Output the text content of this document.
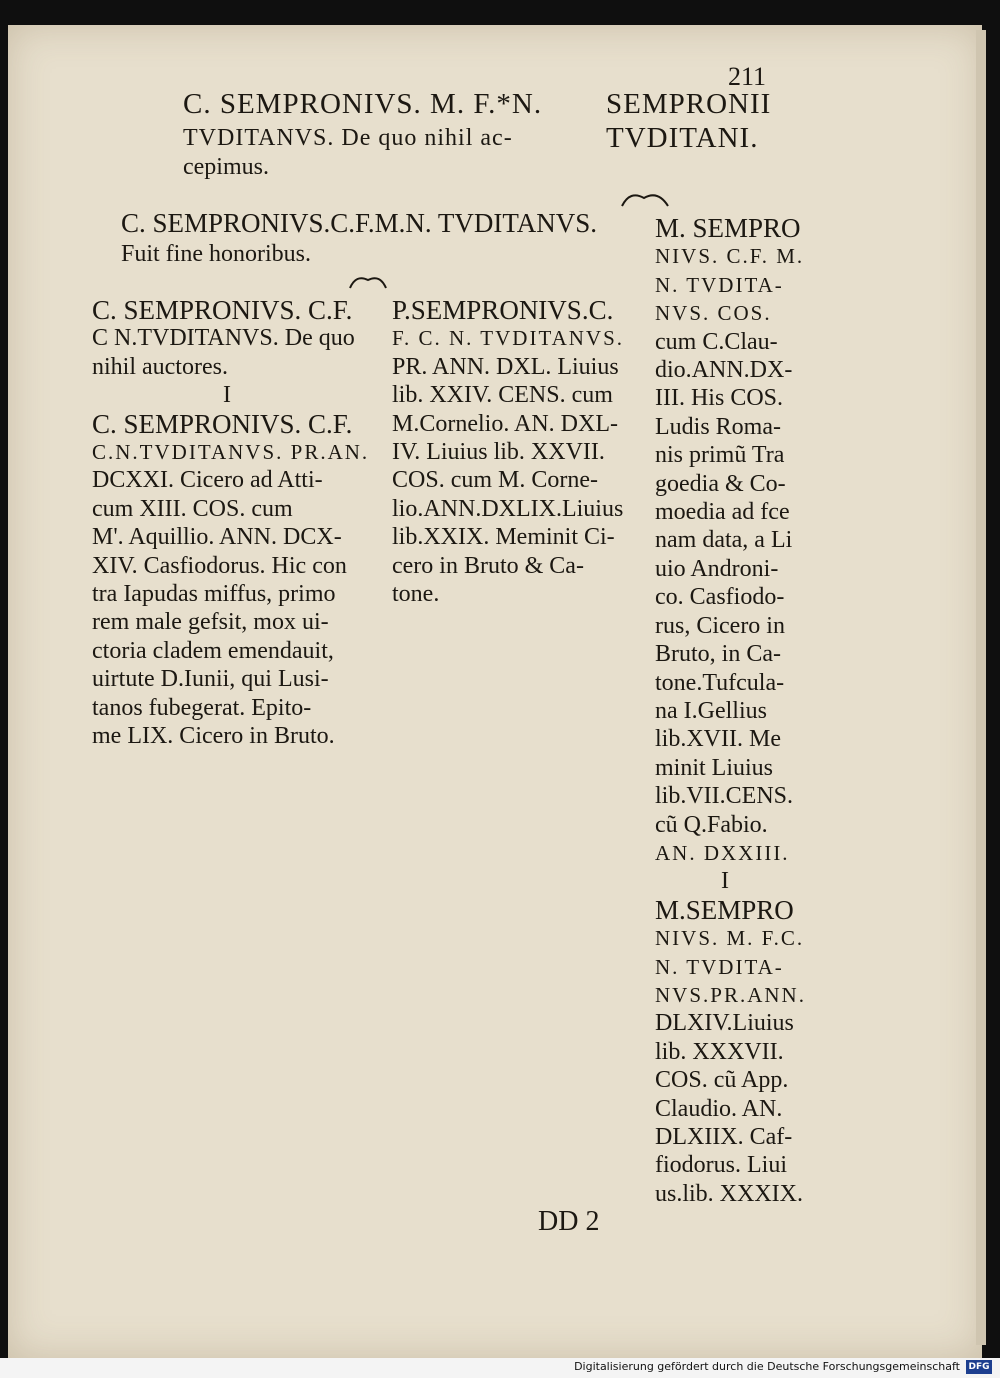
211
C. SEMPRONIVS. M. F.*N.
TVDITANVS. De quo nihil ac-
cepimus.
SEMPRONII
TVDITANI.
C. SEMPRONIVS.C.F.M.N. TVDITANVS.
Fuit fine honoribus.
C. SEMPRONIVS. C.F.
C N.TVDITANVS. De quo
nihil auctores.
I
C. SEMPRONIVS. C.F.
C.N.TVDITANVS. PR.AN.
DCXXI. Cicero ad Atti-
cum XIII. COS. cum
M'. Aquillio. ANN. DCX-
XIV. Casfiodorus. Hic con
tra Iapudas miffus, primo
rem male gefsit, mox ui-
ctoria cladem emendauit,
uirtute D.Iunii, qui Lusi-
tanos fubegerat. Epito-
me LIX. Cicero in Bruto.
P.SEMPRONIVS.C.
F. C. N. TVDITANVS.
PR. ANN. DXL. Liuius
lib. XXIV. CENS. cum
M.Cornelio. AN. DXL-
IV. Liuius lib. XXVII.
COS. cum M. Corne-
lio.ANN.DXLIX.Liuius
lib.XXIX. Meminit Ci-
cero in Bruto & Ca-
tone.
M. SEMPRO
NIVS. C.F. M.
N. TVDITA-
NVS. COS.
cum C.Clau-
dio.ANN.DX-
III. His COS.
Ludis Roma-
nis primũ Tra
goedia & Co-
moedia ad fce
nam data, a Li
uio Androni-
co. Casfiodo-
rus, Cicero in
Bruto, in Ca-
tone.Tufcula-
na I.Gellius
lib.XVII. Me
minit Liuius
lib.VII.CENS.
cũ Q.Fabio.
AN. DXXIII.
I
M.SEMPRO
NIVS. M. F.C.
N. TVDITA-
NVS.PR.ANN.
DLXIV.Liuius
lib. XXXVII.
COS. cũ App.
Claudio. AN.
DLXIIX. Caf-
fiodorus. Liui
us.lib. XXXIX.
DD 2
Digitalisierung gefördert durch die Deutsche Forschungsgemeinschaft DFG
